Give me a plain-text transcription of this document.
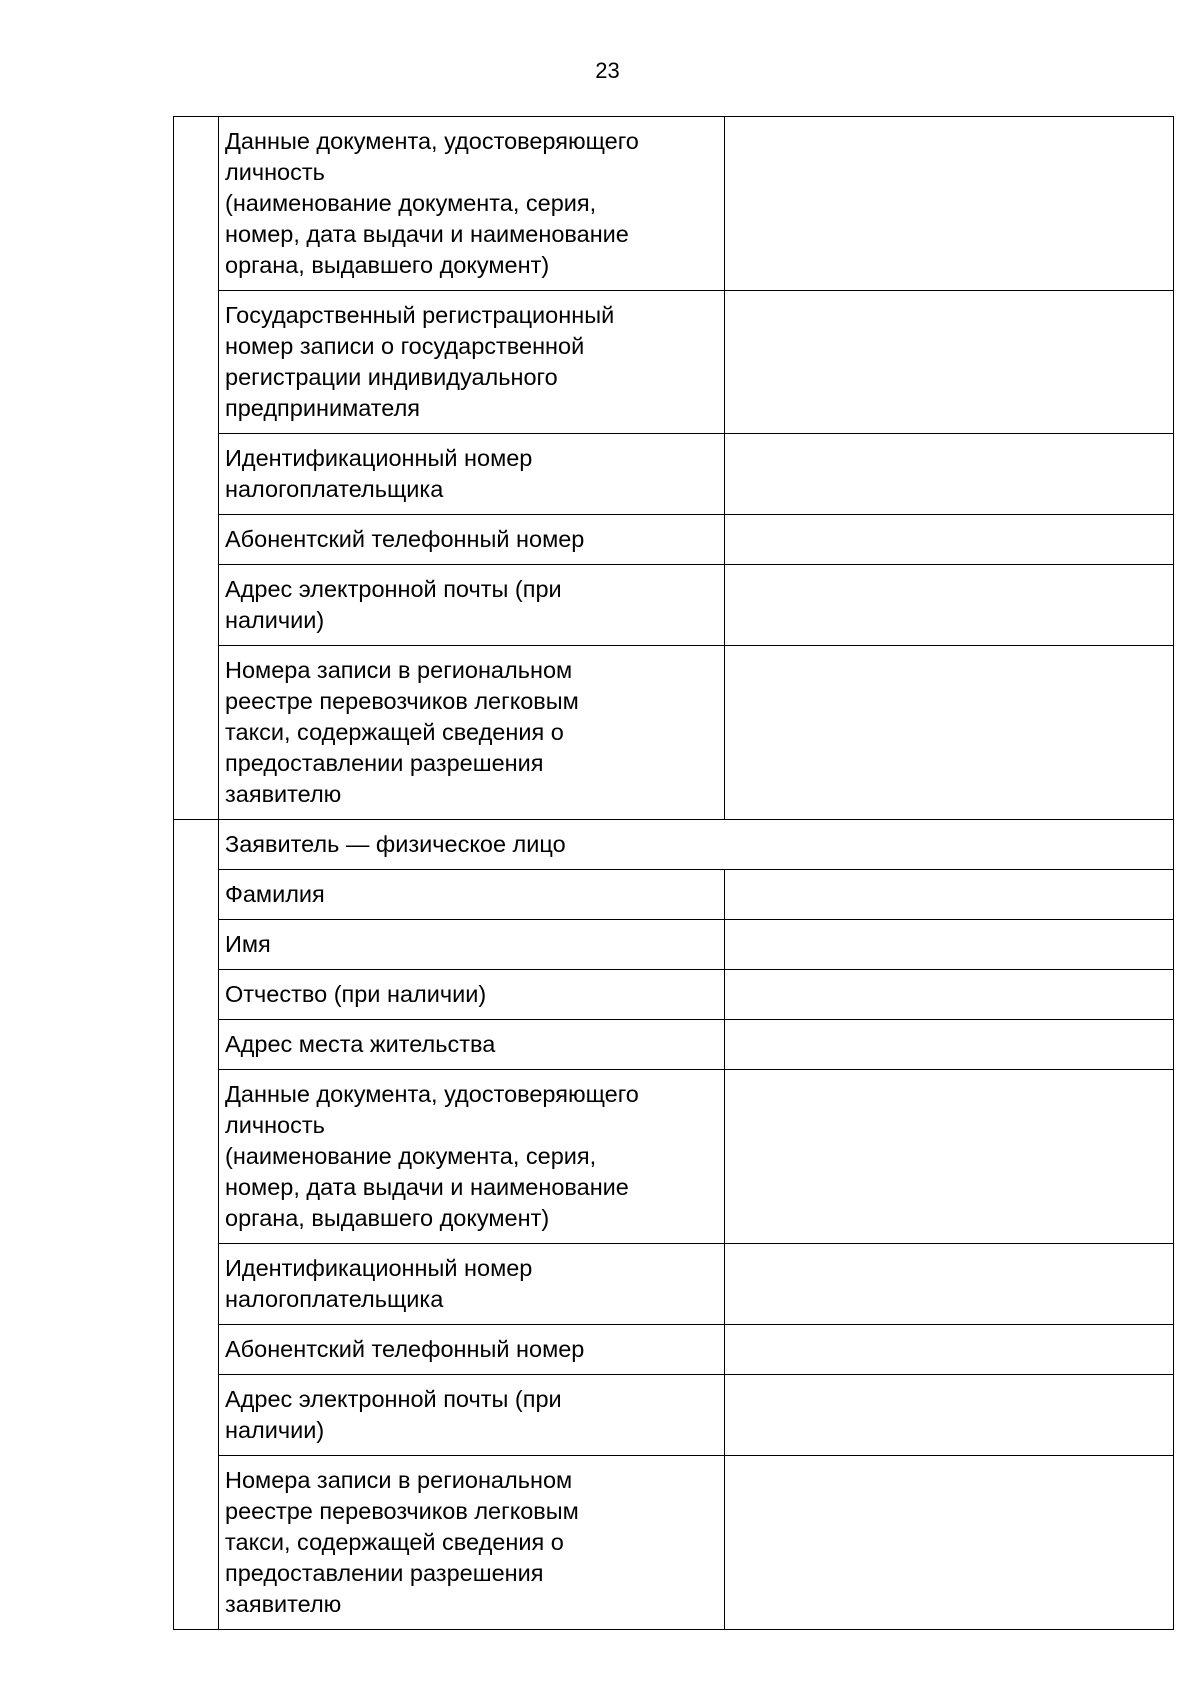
23

	Данные документа, удостоверяющего
личность
(наименование документа, серия,
номер, дата выдачи и наименование
органа, выдавшего документ)	

	Государственный регистрационный
номер записи о государственной
регистрации индивидуального
предпринимателя	

	Идентификационный номер
налогоплательщика	

	Абонентский телефонный номер	

	Адрес электронной почты (при
наличии)	

	Номера записи в региональном
реестре перевозчиков легковым
такси, содержащей сведения о
предоставлении разрешения
заявителю	

	Заявитель — физическое лицо	

	Фамилия	

	Имя	

	Отчество (при наличии)	

	Адрес места жительства	

	Данные документа, удостоверяющего
личность
(наименование документа, серия,
номер, дата выдачи и наименование
органа, выдавшего документ)	

	Идентификационный номер
налогоплательщика	

	Абонентский телефонный номер	

	Адрес электронной почты (при
наличии)	

	Номера записи в региональном
реестре перевозчиков легковым
такси, содержащей сведения о
предоставлении разрешения
заявителю	
